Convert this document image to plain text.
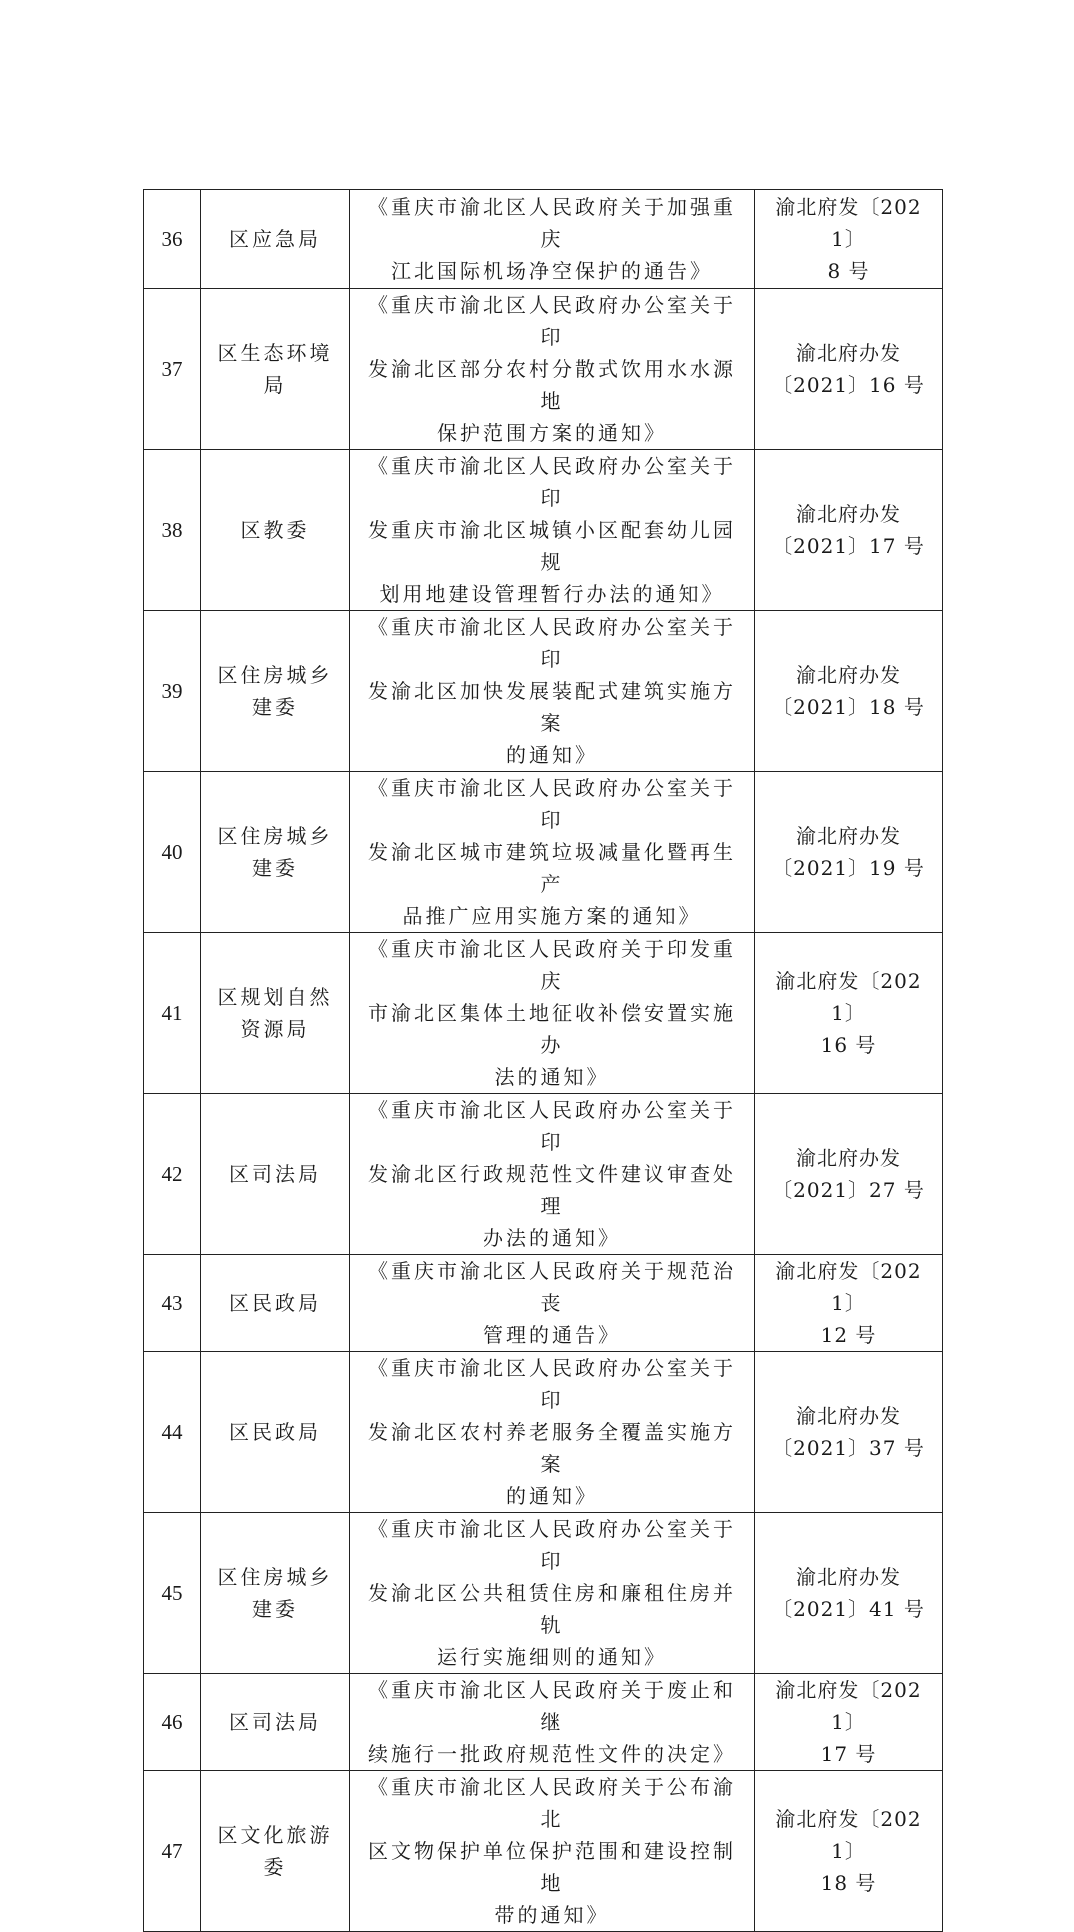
36	区应急局	《重庆市渝北区人民政府关于加强重庆
江北国际机场净空保护的通告》	渝北府发〔2021〕
8 号
37	区生态环境
局	《重庆市渝北区人民政府办公室关于印
发渝北区部分农村分散式饮用水水源地
保护范围方案的通知》	渝北府办发
〔2021〕16 号
38	区教委	《重庆市渝北区人民政府办公室关于印
发重庆市渝北区城镇小区配套幼儿园规
划用地建设管理暂行办法的通知》	渝北府办发
〔2021〕17 号
39	区住房城乡
建委	《重庆市渝北区人民政府办公室关于印
发渝北区加快发展装配式建筑实施方案
的通知》	渝北府办发
〔2021〕18 号
40	区住房城乡
建委	《重庆市渝北区人民政府办公室关于印
发渝北区城市建筑垃圾减量化暨再生产
品推广应用实施方案的通知》	渝北府办发
〔2021〕19 号
41	区规划自然
资源局	《重庆市渝北区人民政府关于印发重庆
市渝北区集体土地征收补偿安置实施办
法的通知》	渝北府发〔2021〕
16 号
42	区司法局	《重庆市渝北区人民政府办公室关于印
发渝北区行政规范性文件建议审查处理
办法的通知》	渝北府办发
〔2021〕27 号
43	区民政局	《重庆市渝北区人民政府关于规范治丧
管理的通告》	渝北府发〔2021〕
12 号
44	区民政局	《重庆市渝北区人民政府办公室关于印
发渝北区农村养老服务全覆盖实施方案
的通知》	渝北府办发
〔2021〕37 号
45	区住房城乡
建委	《重庆市渝北区人民政府办公室关于印
发渝北区公共租赁住房和廉租住房并轨
运行实施细则的通知》	渝北府办发
〔2021〕41 号
46	区司法局	《重庆市渝北区人民政府关于废止和继
续施行一批政府规范性文件的决定》	渝北府发〔2021〕
17 号
47	区文化旅游
委	《重庆市渝北区人民政府关于公布渝北
区文物保护单位保护范围和建设控制地
带的通知》	渝北府发〔2021〕
18 号
